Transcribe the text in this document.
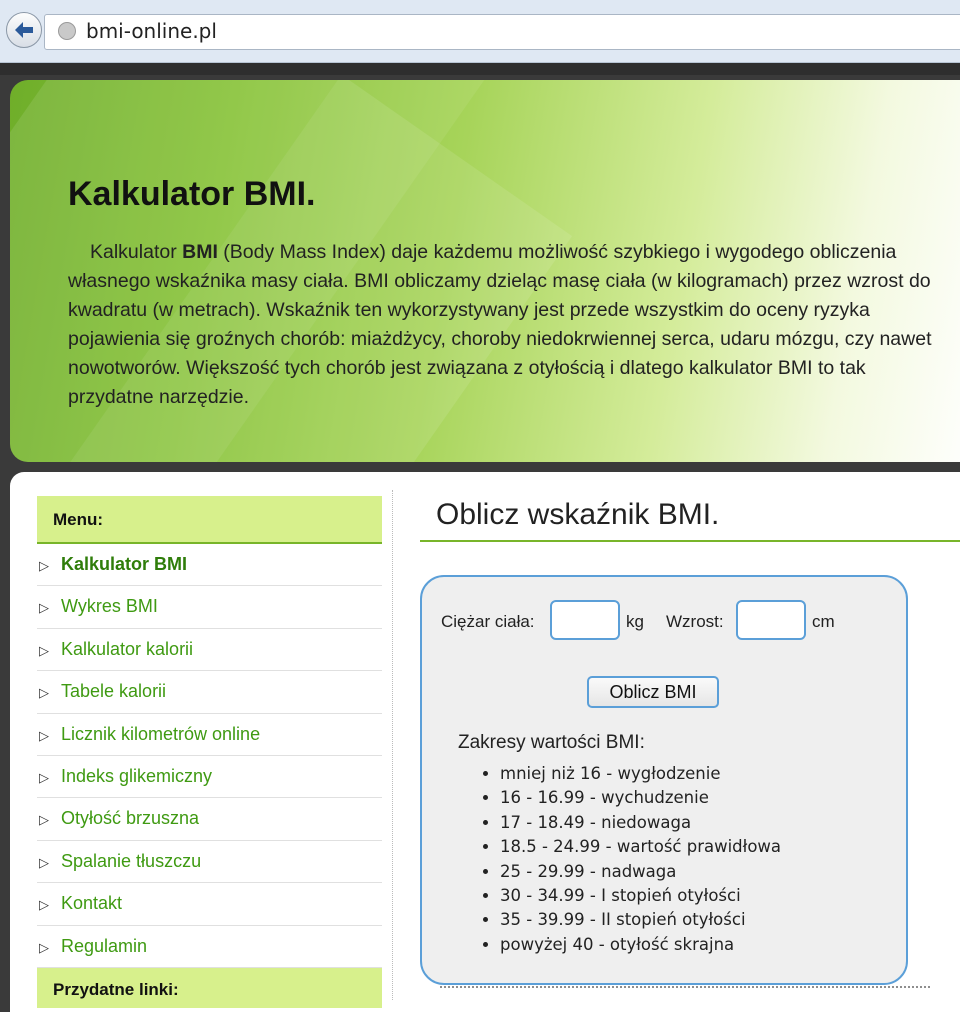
bmi-online.pl
Kalkulator BMI.
Kalkulator BMI (Body Mass Index) daje każdemu możliwość szybkiego i wygodego obliczenia własnego wskaźnika masy ciała. BMI obliczamy dzieląc masę ciała (w kilogramach) przez wzrost do kwadratu (w metrach). Wskaźnik ten wykorzystywany jest przede wszystkim do oceny ryzyka pojawienia się groźnych chorób: miażdżycy, choroby niedokrwiennej serca, udaru mózgu, czy nawet nowotworów. Większość tych chorób jest związana z otyłością i dlatego kalkulator BMI to tak przydatne narzędzie.
Menu:
▷ Kalkulator BMI
▷ Wykres BMI
▷ Kalkulator kalorii
▷ Tabele kalorii
▷ Licznik kilometrów online
▷ Indeks glikemiczny
▷ Otyłość brzuszna
▷ Spalanie tłuszczu
▷ Kontakt
▷ Regulamin
Przydatne linki:
Oblicz wskaźnik BMI.
Ciężar ciała:	kg Wzrost:	cm
Oblicz BMI
Zakresy wartości BMI:
• mniej niż 16 - wygłodzenie
• 16 - 16.99 - wychudzenie
• 17 - 18.49 - niedowaga
• 18.5 - 24.99 - wartość prawidłowa
• 25 - 29.99 - nadwaga
• 30 - 34.99 - I stopień otyłości
• 35 - 39.99 - II stopień otyłości
• powyżej 40 - otyłość skrajna
